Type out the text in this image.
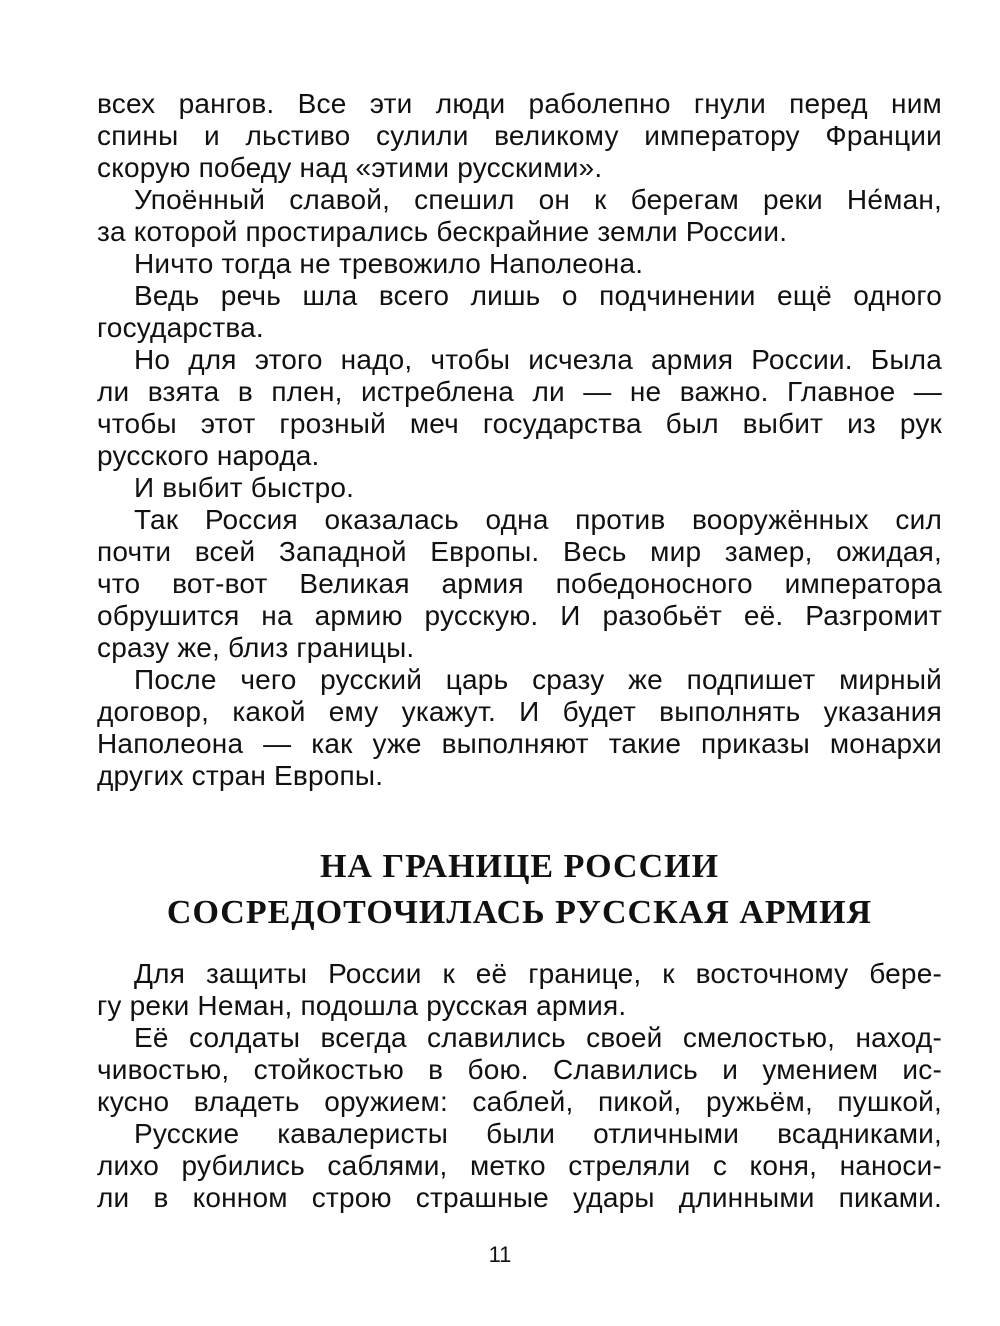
всех рангов. Все эти люди раболепно гнули перед ним
спины и льстиво сулили великому императору Франции
скорую победу над «этими русскими».
Упоённый славой, спешил он к берегам реки Не́ман,
за которой простирались бескрайние земли России.
Ничто тогда не тревожило Наполеона.
Ведь речь шла всего лишь о подчинении ещё одного
государства.
Но для этого надо, чтобы исчезла армия России. Была
ли взята в плен, истреблена ли — не важно. Главное —
чтобы этот грозный меч государства был выбит из рук
русского народа.
И выбит быстро.
Так Россия оказалась одна против вооружённых сил
почти всей Западной Европы. Весь мир замер, ожидая,
что вот-вот Великая армия победоносного императора
обрушится на армию русскую. И разобьёт её. Разгромит
сразу же, близ границы.
После чего русский царь сразу же подпишет мирный
договор, какой ему укажут. И будет выполнять указания
Наполеона — как уже выполняют такие приказы монархи
других стран Европы.
НА ГРАНИЦЕ РОССИИ
СОСРЕДОТОЧИЛАСЬ РУССКАЯ АРМИЯ
Для защиты России к её границе, к восточному бере-
гу реки Неман, подошла русская армия.
Её солдаты всегда славились своей смелостью, наход-
чивостью, стойкостью в бою. Славились и умением ис-
кусно владеть оружием: саблей, пикой, ружьём, пушкой,
Русские кавалеристы были отличными всадниками,
лихо рубились саблями, метко стреляли с коня, наноси-
ли в конном строю страшные удары длинными пиками.
11
